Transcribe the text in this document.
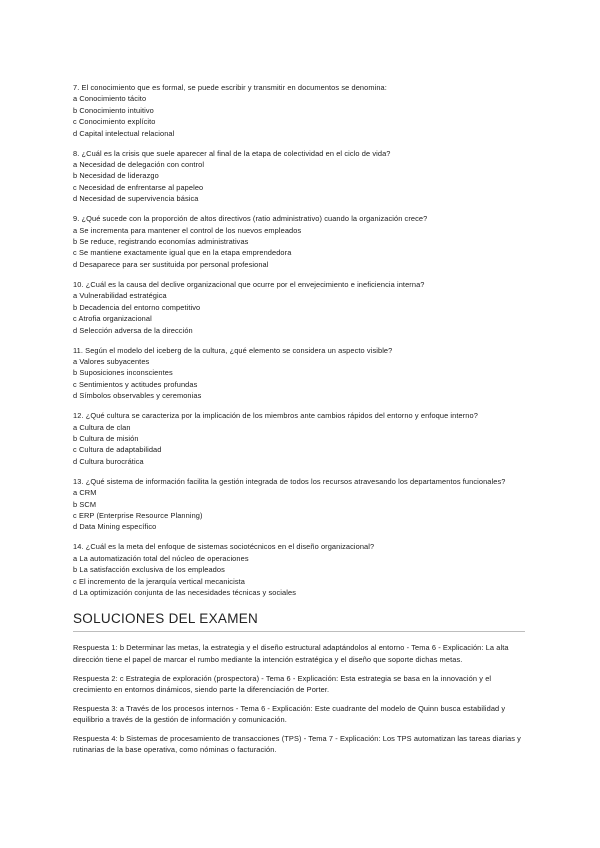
7. El conocimiento que es formal, se puede escribir y transmitir en documentos se denomina:
a Conocimiento tácito
b Conocimiento intuitivo
c Conocimiento explícito
d Capital intelectual relacional
8. ¿Cuál es la crisis que suele aparecer al final de la etapa de colectividad en el ciclo de vida?
a Necesidad de delegación con control
b Necesidad de liderazgo
c Necesidad de enfrentarse al papeleo
d Necesidad de supervivencia básica
9. ¿Qué sucede con la proporción de altos directivos (ratio administrativo) cuando la organización crece?
a Se incrementa para mantener el control de los nuevos empleados
b Se reduce, registrando economías administrativas
c Se mantiene exactamente igual que en la etapa emprendedora
d Desaparece para ser sustituida por personal profesional
10. ¿Cuál es la causa del declive organizacional que ocurre por el envejecimiento e ineficiencia interna?
a Vulnerabilidad estratégica
b Decadencia del entorno competitivo
c Atrofia organizacional
d Selección adversa de la dirección
11. Según el modelo del iceberg de la cultura, ¿qué elemento se considera un aspecto visible?
a Valores subyacentes
b Suposiciones inconscientes
c Sentimientos y actitudes profundas
d Símbolos observables y ceremonias
12. ¿Qué cultura se caracteriza por la implicación de los miembros ante cambios rápidos del entorno y enfoque interno?
a Cultura de clan
b Cultura de misión
c Cultura de adaptabilidad
d Cultura burocrática
13. ¿Qué sistema de información facilita la gestión integrada de todos los recursos atravesando los departamentos funcionales?
a CRM
b SCM
c ERP (Enterprise Resource Planning)
d Data Mining específico
14. ¿Cuál es la meta del enfoque de sistemas sociotécnicos en el diseño organizacional?
a La automatización total del núcleo de operaciones
b La satisfacción exclusiva de los empleados
c El incremento de la jerarquía vertical mecanicista
d La optimización conjunta de las necesidades técnicas y sociales
SOLUCIONES DEL EXAMEN

Respuesta 1: b Determinar las metas, la estrategia y el diseño estructural adaptándolos al entorno - Tema 6 - Explicación: La alta dirección tiene el papel de marcar el rumbo mediante la intención estratégica y el diseño que soporte dichas metas.

Respuesta 2: c Estrategia de exploración (prospectora) - Tema 6 - Explicación: Esta estrategia se basa en la innovación y el crecimiento en entornos dinámicos, siendo parte la diferenciación de Porter.

Respuesta 3: a Través de los procesos internos - Tema 6 - Explicación: Este cuadrante del modelo de Quinn busca estabilidad y equilibrio a través de la gestión de información y comunicación.

Respuesta 4: b Sistemas de procesamiento de transacciones (TPS) - Tema 7 - Explicación: Los TPS automatizan las tareas diarias y rutinarias de la base operativa, como nóminas o facturación.
